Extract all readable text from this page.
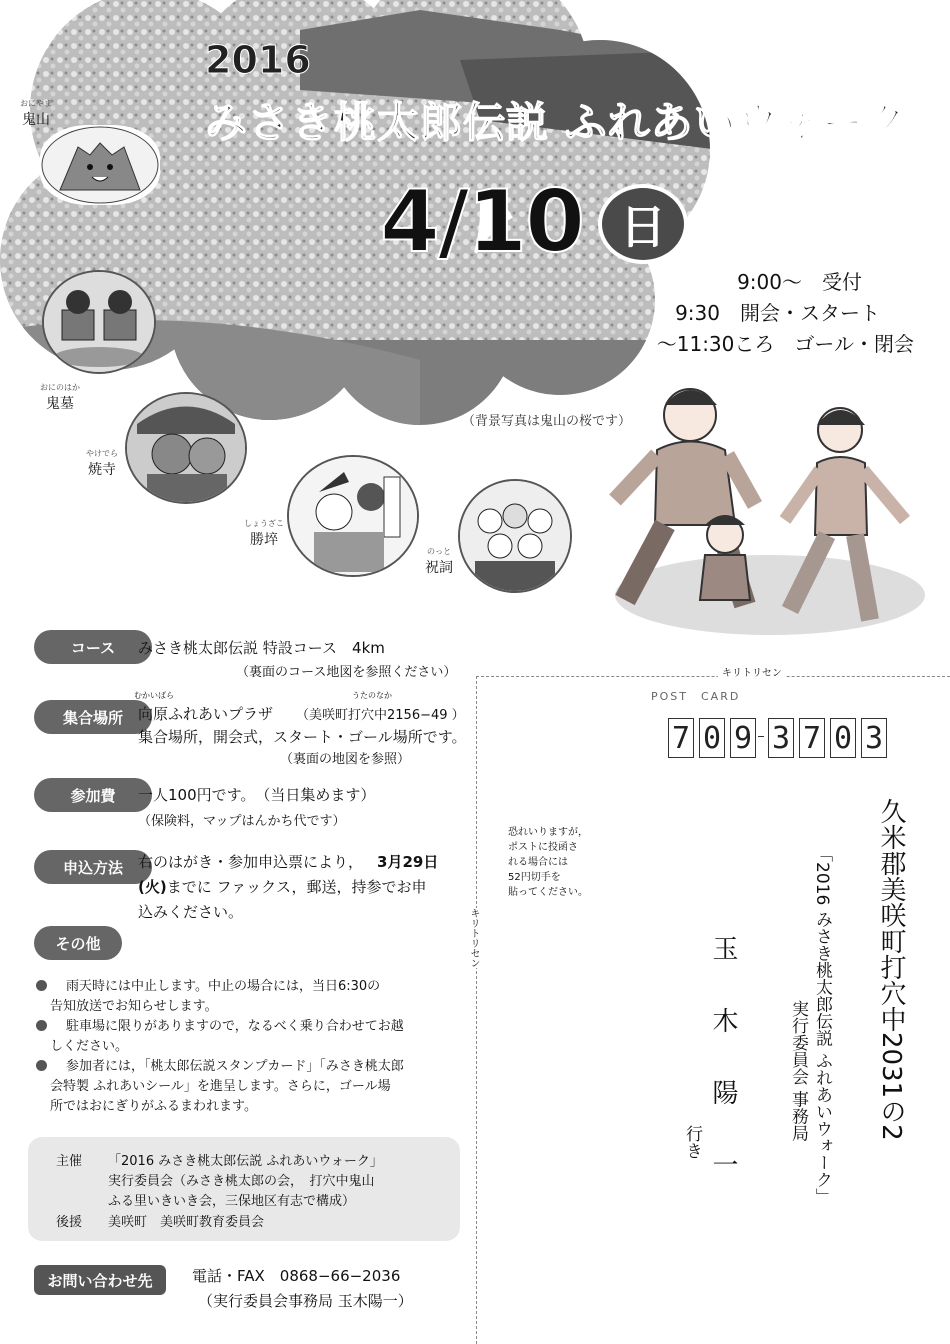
2016
みさき桃太郎伝説 ふれあいウォーク
4/10 日
9:00〜　受付
9:30　開会・スタート
〜11:30ころ　ゴール・閉会
（背景写真は鬼山の桜です）
おにやま
鬼山
おにのはか
鬼墓
やけでら
焼寺
しょうざこ
勝埣
のっと
祝詞
コース	みさき桃太郎伝説 特設コース　4km
（裏面のコース地図を参照ください）
集合場所
むかいばら	うたのなか
向原ふれあいプラザ （美咲町打穴中2156−49 ）
集合場所，開会式，スタート・ゴール場所です。
（裏面の地図を参照）
参加費	一人100円です。　（当日集めます）
（保険料，マップはんかち代です）
申込方法	右のはがき・参加申込票により， 3月29日
(火)までに ファックス，郵送，持参でお申
込みください。
その他
雨天時には中止します。中止の場合には，当日6:30の
告知放送でお知らせします。
駐車場に限りがありますので，なるべく乗り合わせてお越
しください。
参加者には，「桃太郎伝説スタンプカード」「みさき桃太郎
会特製 ふれあいシール」を進呈します。さらに，ゴール場
所ではおにぎりがふるまわれます。
主催 「2016 みさき桃太郎伝説 ふれあいウォーク」
実行委員会（みさき桃太郎の会，　打穴中鬼山
ふる里いきいき会，三保地区有志で構成）
後援 美咲町　美咲町教育委員会
お問い合わせ先	電話・FAX　0868−66−2036
（実行委員会事務局 玉木陽一）
キリトリセン
キリトリセン
POST　CARD
7 0 9 3 7 0 3
恐れいりますが，
ポストに投函さ
れる場合には
52円切手を
貼ってください。	久米郡美咲町打穴中2031の2
「2016 みさき桃太郎伝説 ふれあいウォーク」
実行委員会 事務局
玉　木　陽　一
行き
